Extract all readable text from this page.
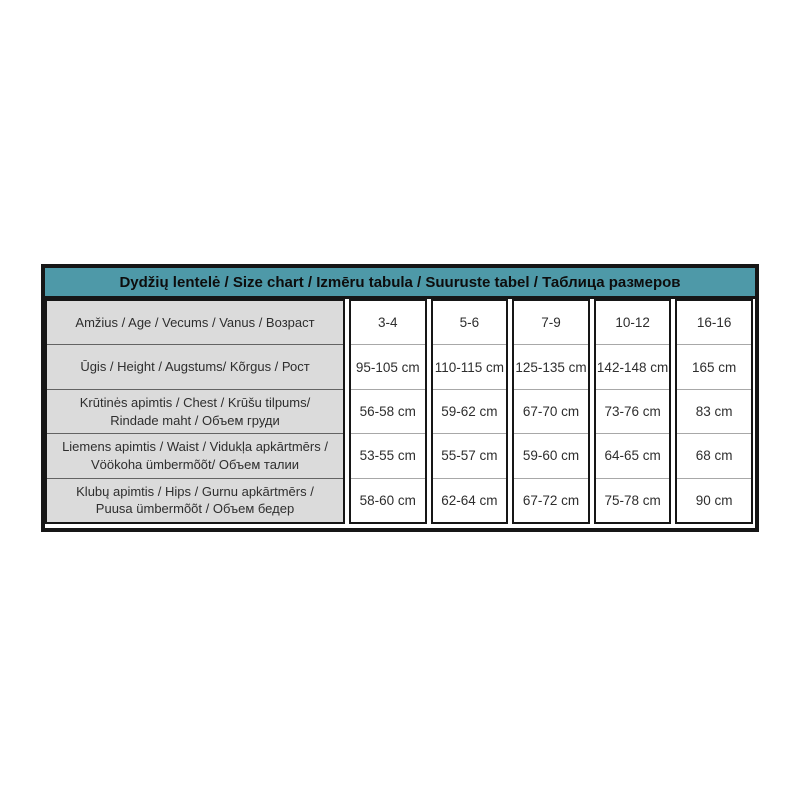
Dydžių lentelė / Size chart / Izmēru tabula / Suuruste tabel / Таблица размеров
Amžius / Age / Vecums / Vanus / Возраст
Ūgis / Height / Augstums/ Kõrgus / Рост
Krūtinės apimtis / Chest / Krūšu tilpums/ Rindade maht / Объем груди
Liemens apimtis / Waist / Vidukļa apkārtmērs / Vöökoha ümbermõõt/ Объем талии
Klubų apimtis / Hips / Gurnu apkārtmērs / Puusa ümbermõõt / Объем бедер
3-4
95-105 cm
56-58 cm
53-55 cm
58-60 cm
5-6
110-115 cm
59-62 cm
55-57 cm
62-64 cm
7-9
125-135 cm
67-70 cm
59-60 cm
67-72 cm
10-12
142-148 cm
73-76 cm
64-65 cm
75-78 cm
16-16
165 cm
83 cm
68 cm
90 cm
